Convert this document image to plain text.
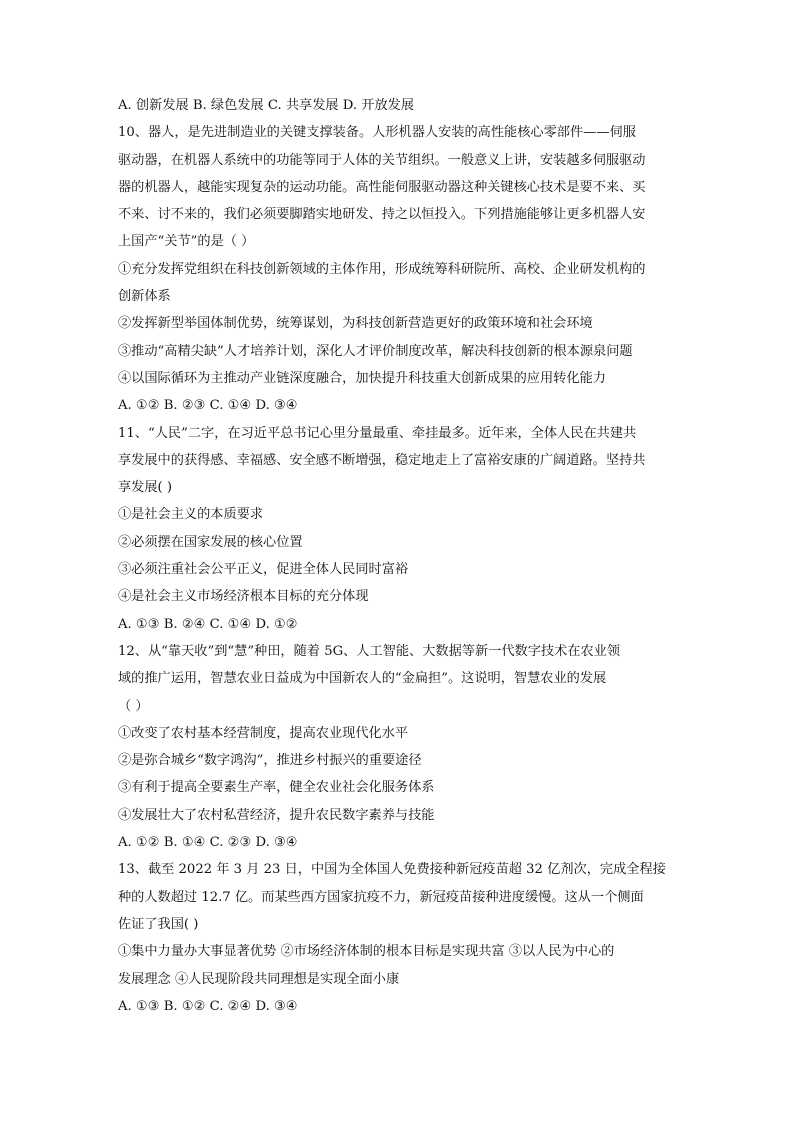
A. 创新发展 B. 绿色发展 C. 共享发展 D. 开放发展
10、器人，是先进制造业的关键支撑装备。人形机器人安装的高性能核心零部件——伺服
驱动器，在机器人系统中的功能等同于人体的关节组织。一般意义上讲，安装越多伺服驱动
器的机器人，越能实现复杂的运动功能。高性能伺服驱动器这种关键核心技术是要不来、买
不来、讨不来的，我们必须要脚踏实地研发、持之以恒投入。下列措施能够让更多机器人安
上国产“关节”的是（ ）
①充分发挥党组织在科技创新领域的主体作用，形成统筹科研院所、高校、企业研发机构的
创新体系
②发挥新型举国体制优势，统筹谋划，为科技创新营造更好的政策环境和社会环境
③推动“高精尖缺”人才培养计划，深化人才评价制度改革，解决科技创新的根本源泉问题
④以国际循环为主推动产业链深度融合，加快提升科技重大创新成果的应用转化能力
A. ①② B. ②③ C. ①④ D. ③④
11、“人民”二字，在习近平总书记心里分量最重、牵挂最多。近年来，全体人民在共建共
享发展中的获得感、幸福感、安全感不断增强，稳定地走上了富裕安康的广阔道路。坚持共
享发展( )
①是社会主义的本质要求
②必须摆在国家发展的核心位置
③必须注重社会公平正义，促进全体人民同时富裕
④是社会主义市场经济根本目标的充分体现
A. ①③ B. ②④ C. ①④ D. ①②
12、从“靠天收”到“慧”种田，随着 5G、人工智能、大数据等新一代数字技术在农业领
域的推广运用，智慧农业日益成为中国新农人的“金扁担”。这说明，智慧农业的发展
（ ）
①改变了农村基本经营制度，提高农业现代化水平
②是弥合城乡“数字鸿沟”，推进乡村振兴的重要途径
③有利于提高全要素生产率，健全农业社会化服务体系
④发展壮大了农村私营经济，提升农民数字素养与技能
A. ①② B. ①④ C. ②③ D. ③④
13、截至 2022 年 3 月 23 日，中国为全体国人免费接种新冠疫苗超 32 亿剂次，完成全程接
种的人数超过 12.7 亿。而某些西方国家抗疫不力，新冠疫苗接种进度缓慢。这从一个侧面
佐证了我国( )
①集中力量办大事显著优势 ②市场经济体制的根本目标是实现共富 ③以人民为中心的
发展理念 ④人民现阶段共同理想是实现全面小康
A. ①③ B. ①② C. ②④ D. ③④
